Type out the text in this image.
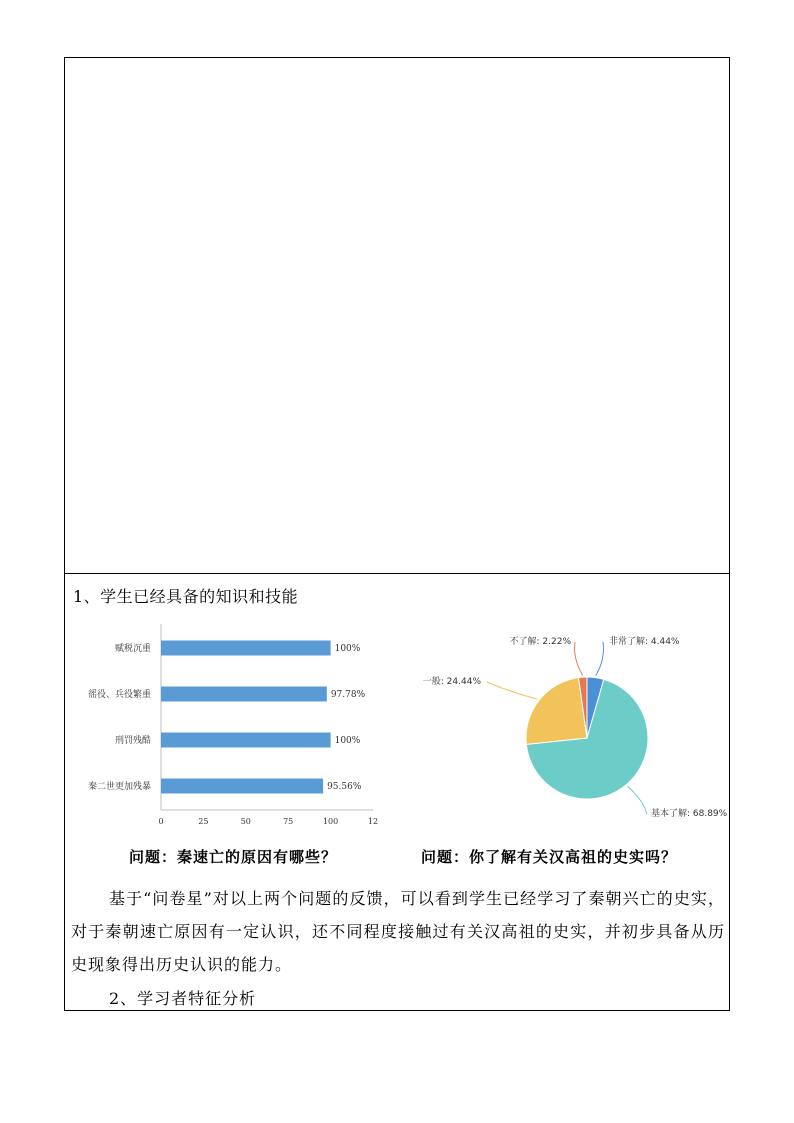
1、学生已经具备的知识和技能
赋税沉重	100%
徭役、兵役繁重	97.78%
刑罚残酷	100%
秦二世更加残暴	95.56%
0	25	50	75	100	12
非常了解: 4.44%
基本了解: 68.89%
一般: 24.44%
不了解: 2.22%
问题：秦速亡的原因有哪些？	问题：你了解有关汉高祖的史实吗？
基于“问卷星”对以上两个问题的反馈，可以看到学生已经学习了秦朝兴亡的史实，对于秦朝速亡原因有一定认识，还不同程度接触过有关汉高祖的史实，并初步具备从历史现象得出历史认识的能力。
2、学习者特征分析
